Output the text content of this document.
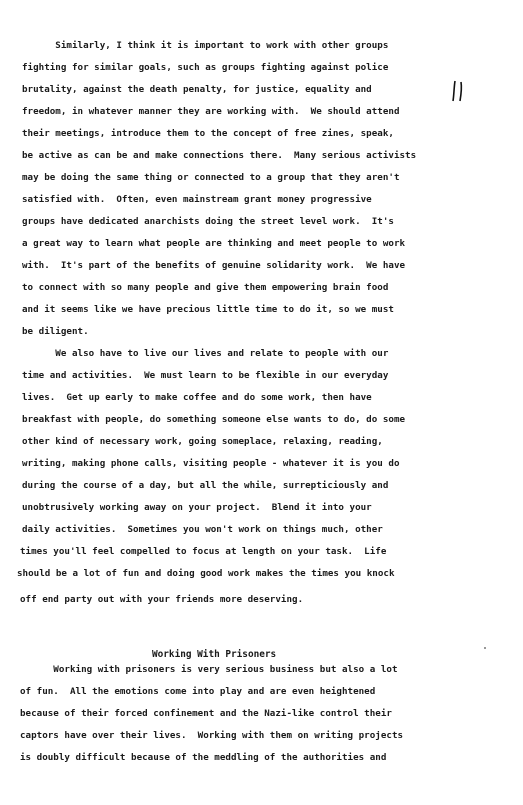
Similarly, I think it is important to work with other groups

fighting for similar goals, such as groups fighting against police

brutality, against the death penalty, for justice, equality and

freedom, in whatever manner they are working with.  We should attend

their meetings, introduce them to the concept of free zines, speak,

be active as can be and make connections there.  Many serious activists

may be doing the same thing or connected to a group that they aren't

satisfied with.  Often, even mainstream grant money progressive

groups have dedicated anarchists doing the street level work.  It's

a great way to learn what people are thinking and meet people to work

with.  It's part of the benefits of genuine solidarity work.  We have

to connect with so many people and give them empowering brain food

and it seems like we have precious little time to do it, so we must

be diligent.

We also have to live our lives and relate to people with our

time and activities.  We must learn to be flexible in our everyday

lives.  Get up early to make coffee and do some work, then have

breakfast with people, do something someone else wants to do, do some

other kind of necessary work, going someplace, relaxing, reading,

writing, making phone calls, visiting people - whatever it is you do

during the course of a day, but all the while, surrepticiously and

unobtrusively working away on your project.  Blend it into your

daily activities.  Sometimes you won't work on things much, other

times you'll feel compelled to focus at length on your task.  Life

should be a lot of fun and doing good work makes the times you knock

off end party out with your friends more deserving.

Working With Prisoners

Working with prisoners is very serious business but also a lot

of fun.  All the emotions come into play and are even heightened

because of their forced confinement and the Nazi-like control their

captors have over their lives.  Working with them on writing projects

is doubly difficult because of the meddling of the authorities and
